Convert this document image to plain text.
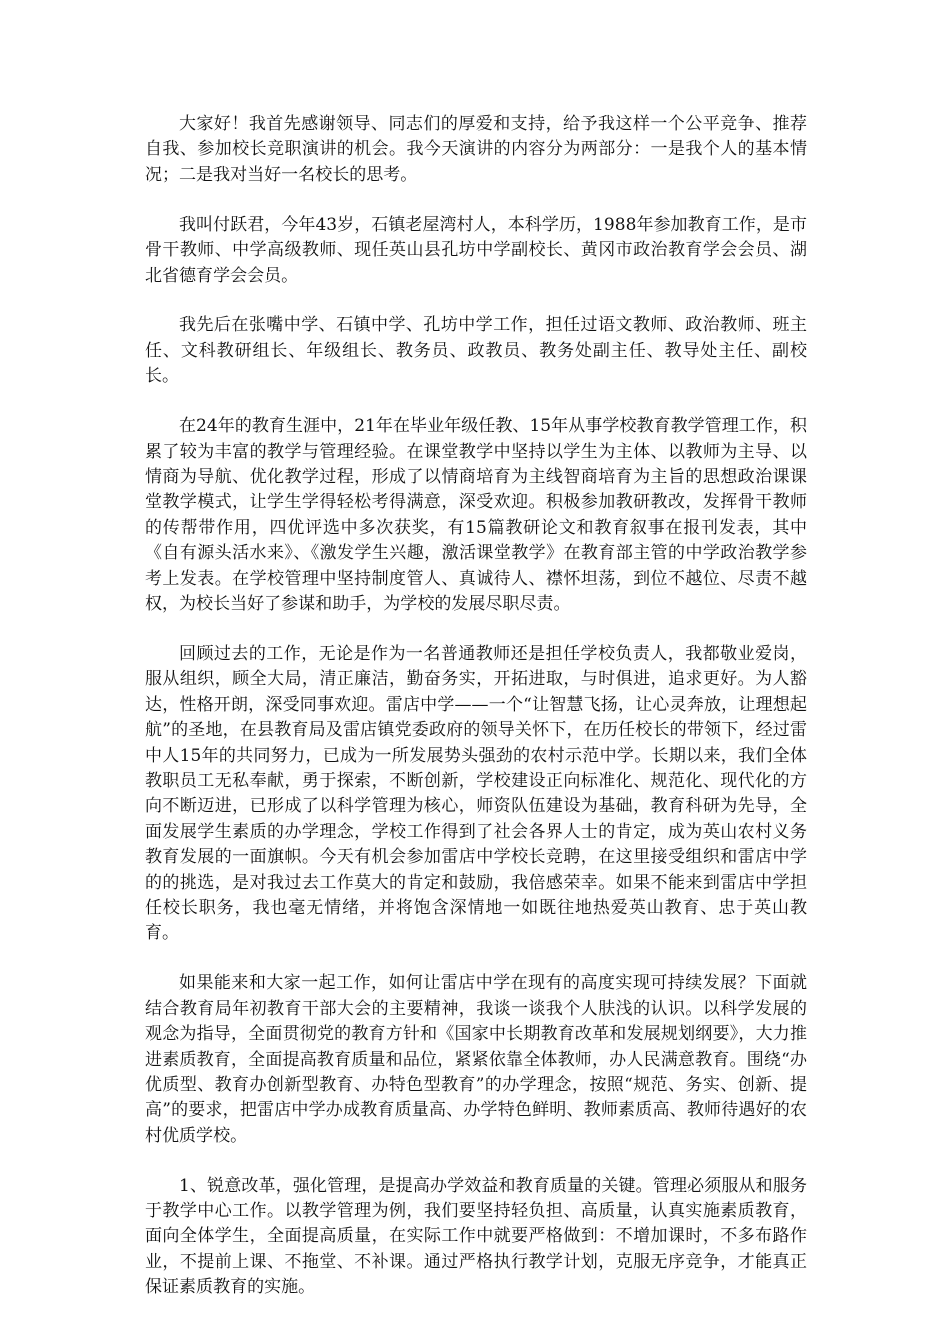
大家好！我首先感谢领导、同志们的厚爱和支持，给予我这样一个公平竞争、推荐自我、参加校长竞职演讲的机会。我今天演讲的内容分为两部分：一是我个人的基本情况；二是我对当好一名校长的思考。

我叫付跃君，今年43岁，石镇老屋湾村人，本科学历，1988年参加教育工作，是市骨干教师、中学高级教师、现任英山县孔坊中学副校长、黄冈市政治教育学会会员、湖北省德育学会会员。

我先后在张嘴中学、石镇中学、孔坊中学工作，担任过语文教师、政治教师、班主任、文科教研组长、年级组长、教务员、政教员、教务处副主任、教导处主任、副校长。

在24年的教育生涯中，21年在毕业年级任教、15年从事学校教育教学管理工作，积累了较为丰富的教学与管理经验。在课堂教学中坚持以学生为主体、以教师为主导、以情商为导航、优化教学过程，形成了以情商培育为主线智商培育为主旨的思想政治课课堂教学模式，让学生学得轻松考得满意，深受欢迎。积极参加教研教改，发挥骨干教师的传帮带作用，四优评选中多次获奖，有15篇教研论文和教育叙事在报刊发表，其中《自有源头活水来》、《激发学生兴趣，激活课堂教学》在教育部主管的中学政治教学参考上发表。在学校管理中坚持制度管人、真诚待人、襟怀坦荡，到位不越位、尽责不越权，为校长当好了参谋和助手，为学校的发展尽职尽责。

回顾过去的工作，无论是作为一名普通教师还是担任学校负责人，我都敬业爱岗，服从组织，顾全大局，清正廉洁，勤奋务实，开拓进取，与时俱进，追求更好。为人豁达，性格开朗，深受同事欢迎。雷店中学——一个“让智慧飞扬，让心灵奔放，让理想起航”的圣地，在县教育局及雷店镇党委政府的领导关怀下，在历任校长的带领下，经过雷中人15年的共同努力，已成为一所发展势头强劲的农村示范中学。长期以来，我们全体教职员工无私奉献，勇于探索，不断创新，学校建设正向标准化、规范化、现代化的方向不断迈进，已形成了以科学管理为核心，师资队伍建设为基础，教育科研为先导，全面发展学生素质的办学理念，学校工作得到了社会各界人士的肯定，成为英山农村义务教育发展的一面旗帜。今天有机会参加雷店中学校长竞聘，在这里接受组织和雷店中学的的挑选，是对我过去工作莫大的肯定和鼓励，我倍感荣幸。如果不能来到雷店中学担任校长职务，我也毫无情绪，并将饱含深情地一如既往地热爱英山教育、忠于英山教育。

如果能来和大家一起工作，如何让雷店中学在现有的高度实现可持续发展？下面就结合教育局年初教育干部大会的主要精神，我谈一谈我个人肤浅的认识。以科学发展的观念为指导，全面贯彻党的教育方针和《国家中长期教育改革和发展规划纲要》，大力推进素质教育，全面提高教育质量和品位，紧紧依靠全体教师，办人民满意教育。围绕“办优质型、教育办创新型教育、办特色型教育”的办学理念，按照“规范、务实、创新、提高”的要求，把雷店中学办成教育质量高、办学特色鲜明、教师素质高、教师待遇好的农村优质学校。

1、锐意改革，强化管理，是提高办学效益和教育质量的关键。管理必须服从和服务于教学中心工作。以教学管理为例，我们要坚持轻负担、高质量，认真实施素质教育，面向全体学生，全面提高质量，在实际工作中就要严格做到：不增加课时，不多布路作业，不提前上课、不拖堂、不补课。通过严格执行教学计划，克服无序竞争，才能真正保证素质教育的实施。
